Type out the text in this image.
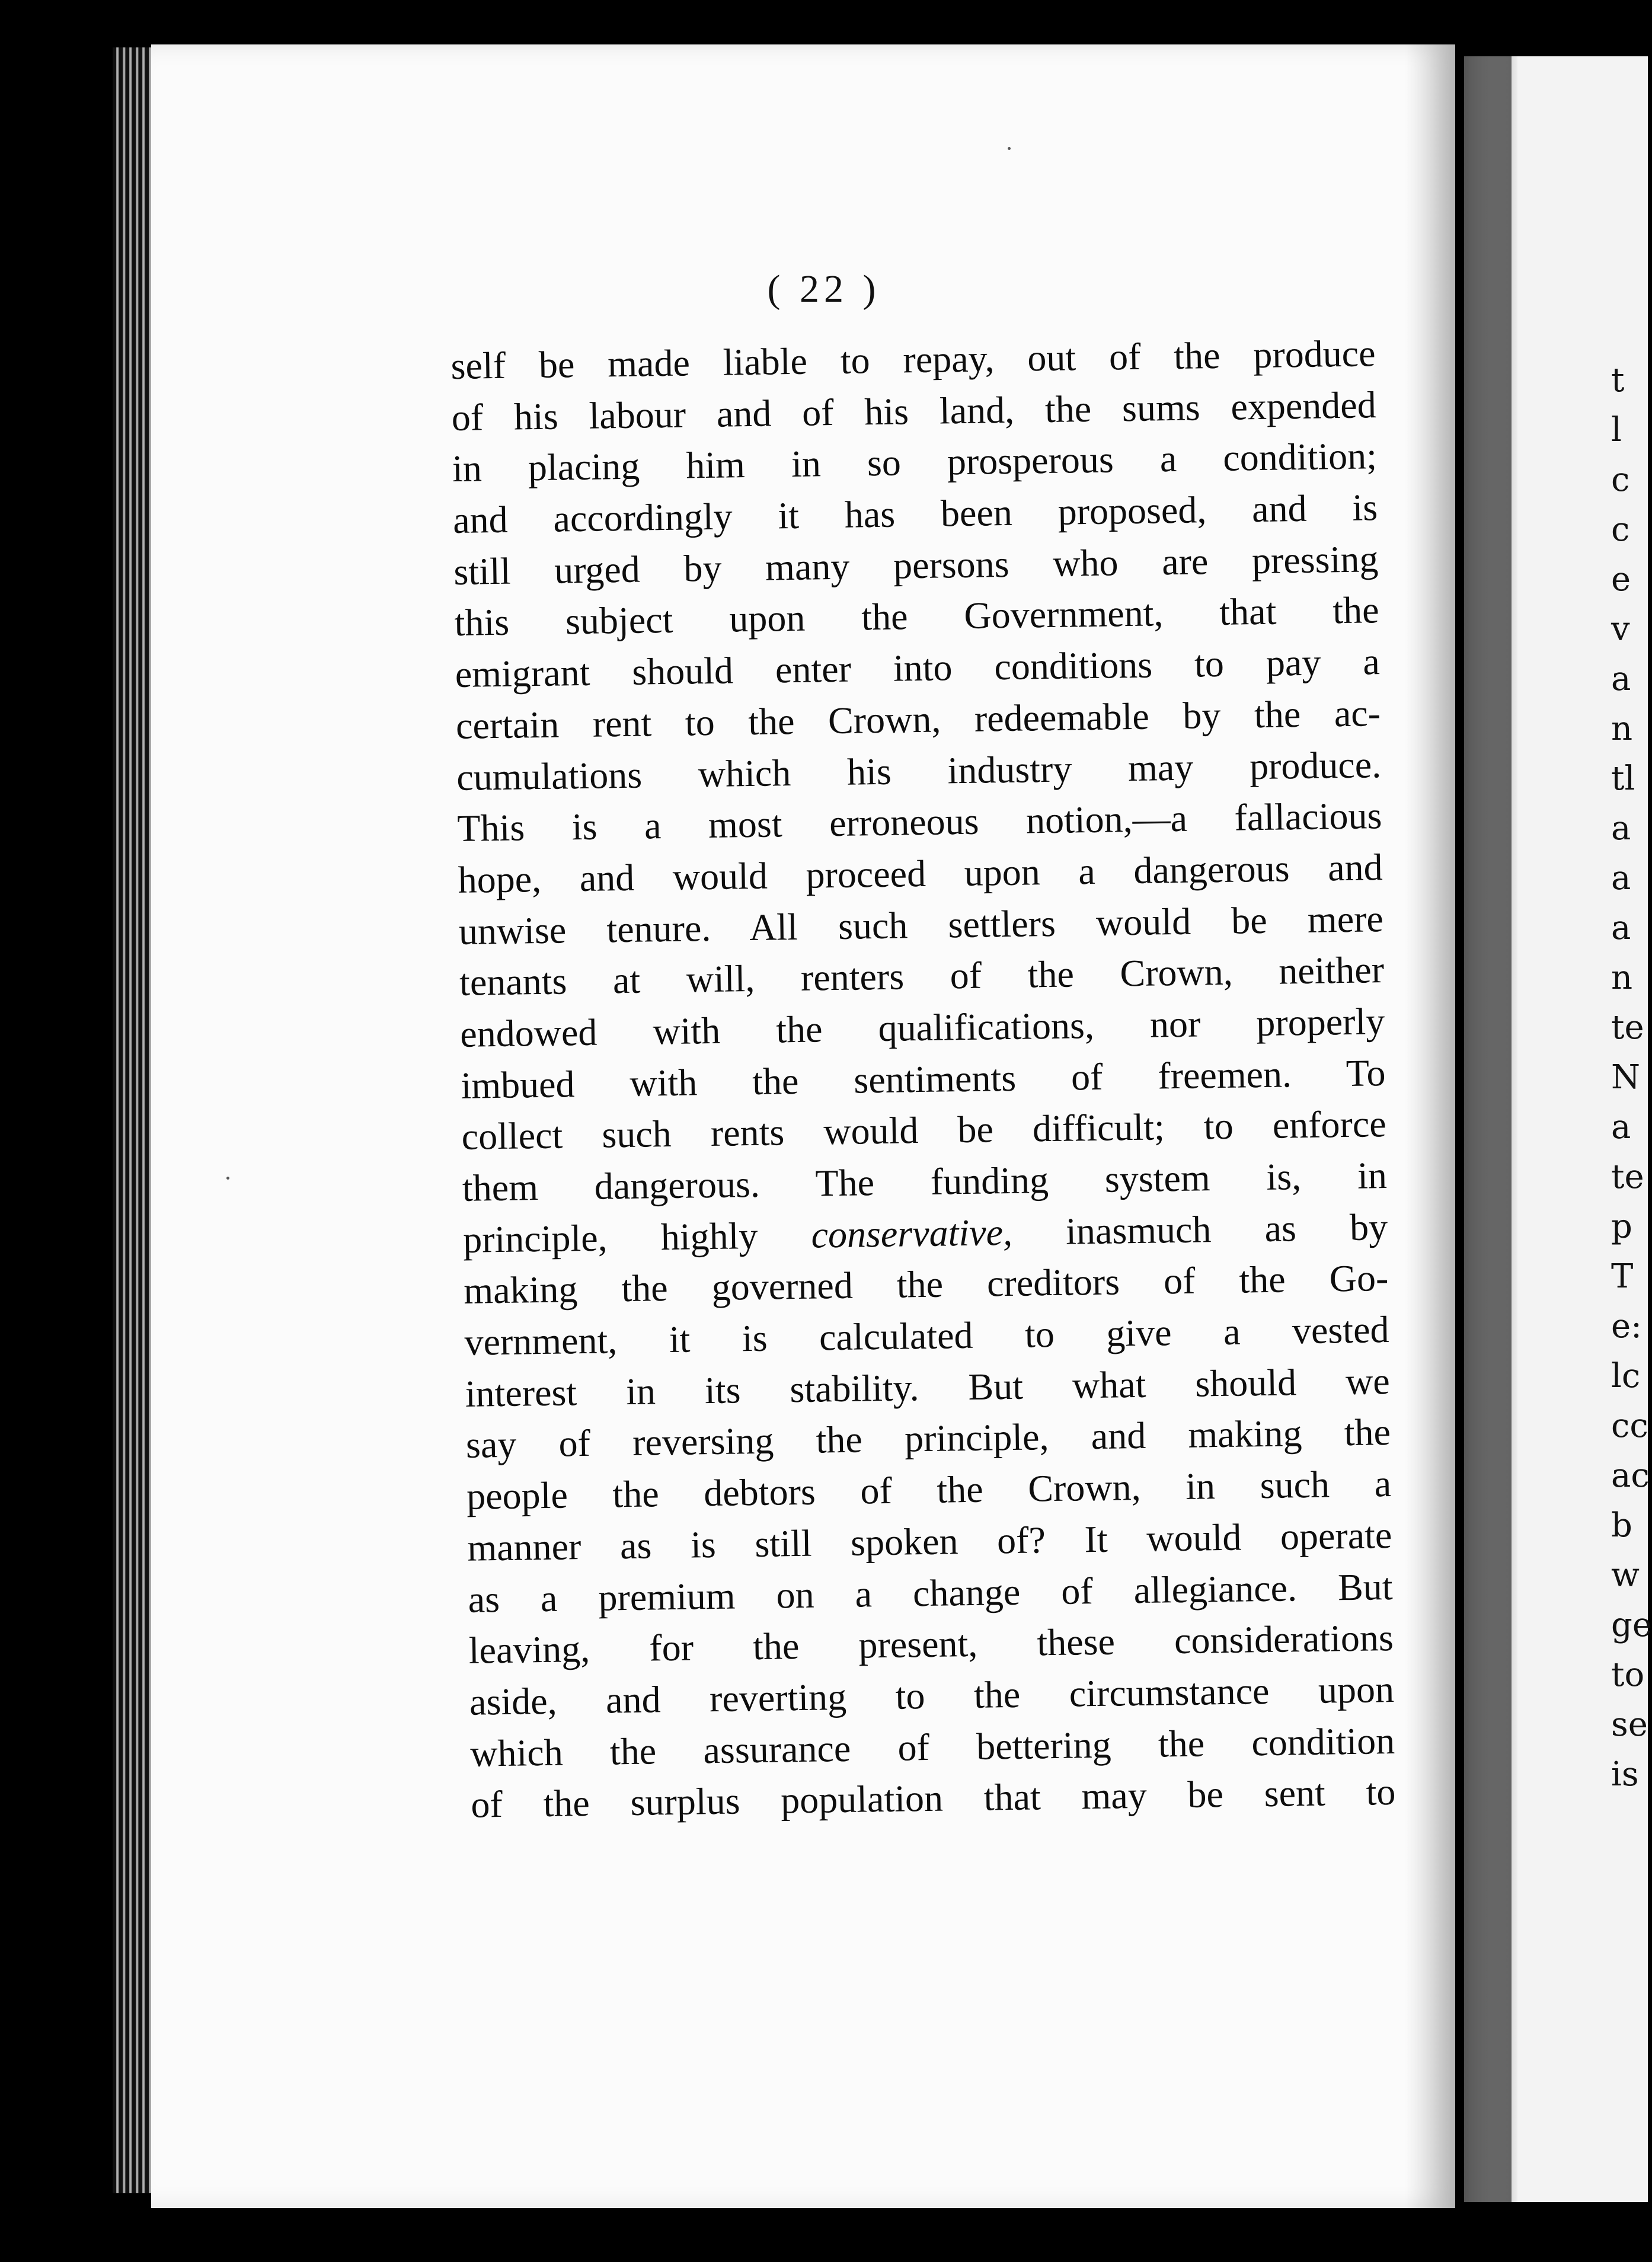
( 22 )
self be made liable to repay, out of the produce
of his labour and of his land, the sums expended
in placing him in so prosperous a condition;
and accordingly it has been proposed, and is
still urged by many persons who are pressing
this subject upon the Government, that the
emigrant should enter into conditions to pay a
certain rent to the Crown, redeemable by the ac-
cumulations which his industry may produce.
This is a most erroneous notion,—a fallacious
hope, and would proceed upon a dangerous and
unwise tenure. All such settlers would be mere
tenants at will, renters of the Crown, neither
endowed with the qualifications, nor properly
imbued with the sentiments of freemen. To
collect such rents would be difficult; to enforce
them dangerous. The funding system is, in
principle, highly conservative, inasmuch as by
making the governed the creditors of the Go-
vernment, it is calculated to give a vested
interest in its stability. But what should we
say of reversing the principle, and making the
people the debtors of the Crown, in such a
manner as is still spoken of? It would operate
as a premium on a change of allegiance. But
leaving, for the present, these considerations
aside, and reverting to the circumstance upon
which the assurance of bettering the condition
of the surplus population that may be sent to
t
l
c
c
e
v
a
n
tl
a
a
a
n
te
N
a
te
p
T
e:
lc
cc
ac
b
w
ge
to
se
is
